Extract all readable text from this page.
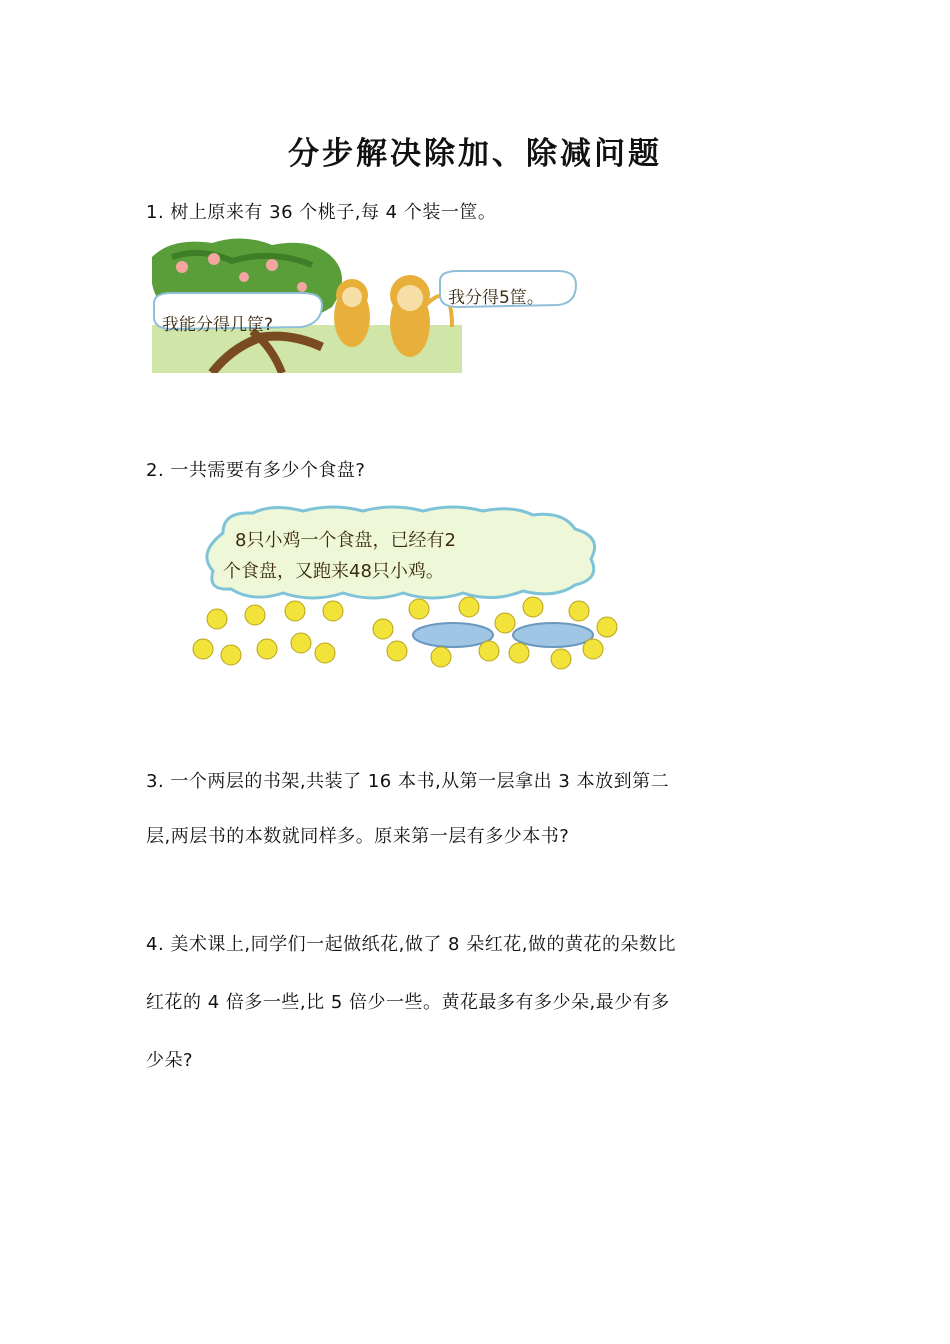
分步解决除加、除减问题
1. 树上原来有 36 个桃子,每 4 个装一筐。
我能分得几筐?
我分得5筐。
2. 一共需要有多少个食盘?
8只小鸡一个食盘，已经有2
个食盘，又跑来48只小鸡。
3. 一个两层的书架,共装了 16 本书,从第一层拿出 3 本放到第二
层,两层书的本数就同样多。原来第一层有多少本书?
4. 美术课上,同学们一起做纸花,做了 8 朵红花,做的黄花的朵数比
红花的 4 倍多一些,比 5 倍少一些。黄花最多有多少朵,最少有多
少朵?
